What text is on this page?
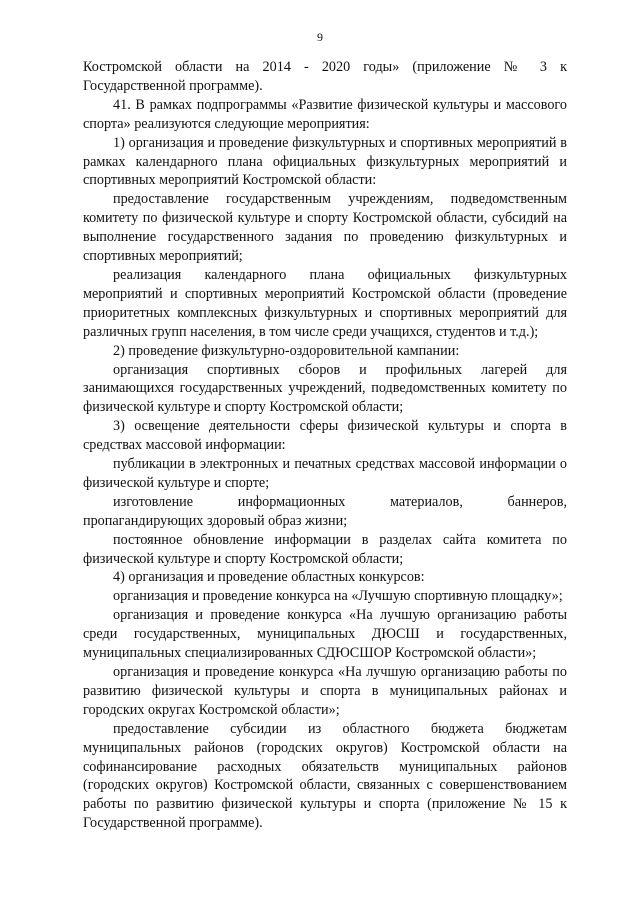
9

Костромской области на 2014 - 2020 годы» (приложение № 3 к Государственной программе).

41. В рамках подпрограммы «Развитие физической культуры и массового спорта» реализуются следующие мероприятия:

1) организация и проведение физкультурных и спортивных мероприятий в рамках календарного плана официальных физкультурных мероприятий и спортивных мероприятий Костромской области:

предоставление государственным учреждениям, подведомственным комитету по физической культуре и спорту Костромской области, субсидий на выполнение государственного задания по проведению физкультурных и спортивных мероприятий;

реализация календарного плана официальных физкультурных мероприятий и спортивных мероприятий Костромской области (проведение приоритетных комплексных физкультурных и спортивных мероприятий для различных групп населения, в том числе среди учащихся, студентов и т.д.);

2) проведение физкультурно-оздоровительной кампании:

организация спортивных сборов и профильных лагерей для занимающихся государственных учреждений, подведомственных комитету по физической культуре и спорту Костромской области;

3) освещение деятельности сферы физической культуры и спорта в средствах массовой информации:

публикации в электронных и печатных средствах массовой информации о физической культуре и спорте;

изготовление информационных материалов, баннеров, пропагандирующих здоровый образ жизни;

постоянное обновление информации в разделах сайта комитета по физической культуре и спорту Костромской области;

4) организация и проведение областных конкурсов:

организация и проведение конкурса на «Лучшую спортивную площадку»;

организация и проведение конкурса «На лучшую организацию работы среди государственных, муниципальных ДЮСШ и государственных, муниципальных специализированных СДЮСШОР Костромской области»;

организация и проведение конкурса «На лучшую организацию работы по развитию физической культуры и спорта в муниципальных районах и городских округах Костромской области»;

предоставление субсидии из областного бюджета бюджетам муниципальных районов (городских округов) Костромской области на софинансирование расходных обязательств муниципальных районов (городских округов) Костромской области, связанных с совершенствованием работы по развитию физической культуры и спорта (приложение № 15 к Государственной программе).
